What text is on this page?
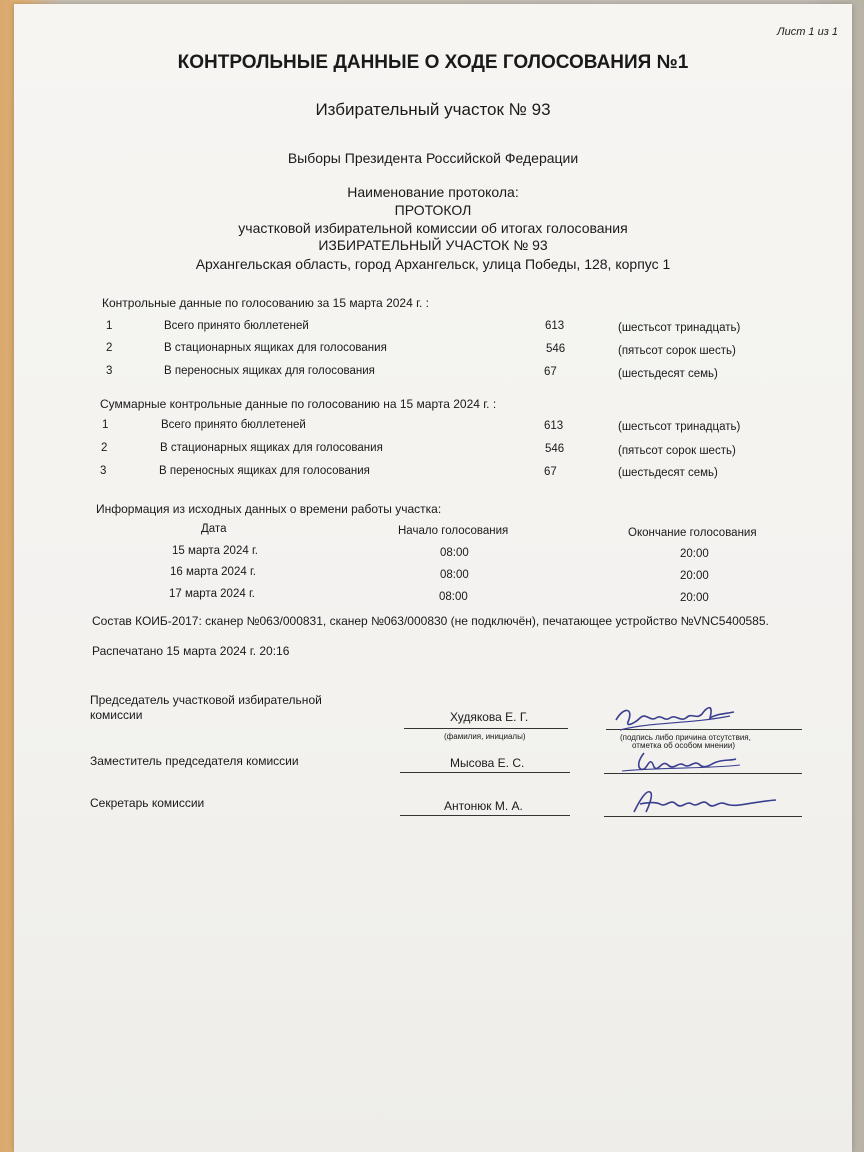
Лист 1 из 1
КОНТРОЛЬНЫЕ ДАННЫЕ О ХОДЕ ГОЛОСОВАНИЯ №1
Избирательный участок № 93
Выборы Президента Российской Федерации
Наименование протокола:
ПРОТОКОЛ
участковой избирательной комиссии об итогах голосования
ИЗБИРАТЕЛЬНЫЙ УЧАСТОК № 93
Архангельская область, город Архангельск, улица Победы, 128, корпус 1
Контрольные данные по голосованию за 15 марта 2024 г. :
1	Всего принято бюллетеней	613	(шестьсот тринадцать)
2	В стационарных ящиках для голосования	546	(пятьсот сорок шесть)
3	В переносных ящиках для голосования	67	(шестьдесят семь)
Суммарные контрольные данные по голосованию на 15 марта 2024 г. :
1	Всего принято бюллетеней	613	(шестьсот тринадцать)
2	В стационарных ящиках для голосования	546	(пятьсот сорок шесть)
3	В переносных ящиках для голосования	67	(шестьдесят семь)
Информация из исходных данных о времени работы участка:
Дата	Начало голосования	Окончание голосования
15 марта 2024 г.	08:00	20:00
16 марта 2024 г.	08:00	20:00
17 марта 2024 г.	08:00	20:00
Состав КОИБ-2017: сканер №063/000831, сканер №063/000830 (не подключён), печатающее устройство №VNC5400585.
Распечатано 15 марта 2024 г. 20:16
Председатель участковой избирательной
комиссии	Худякова Е. Г.
(фамилия, инициалы)	(подпись либо причина отсутствия,
отметка об особом мнении)
Заместитель председателя комиссии	Мысова Е. С.
Секретарь комиссии	Антонюк М. А.
